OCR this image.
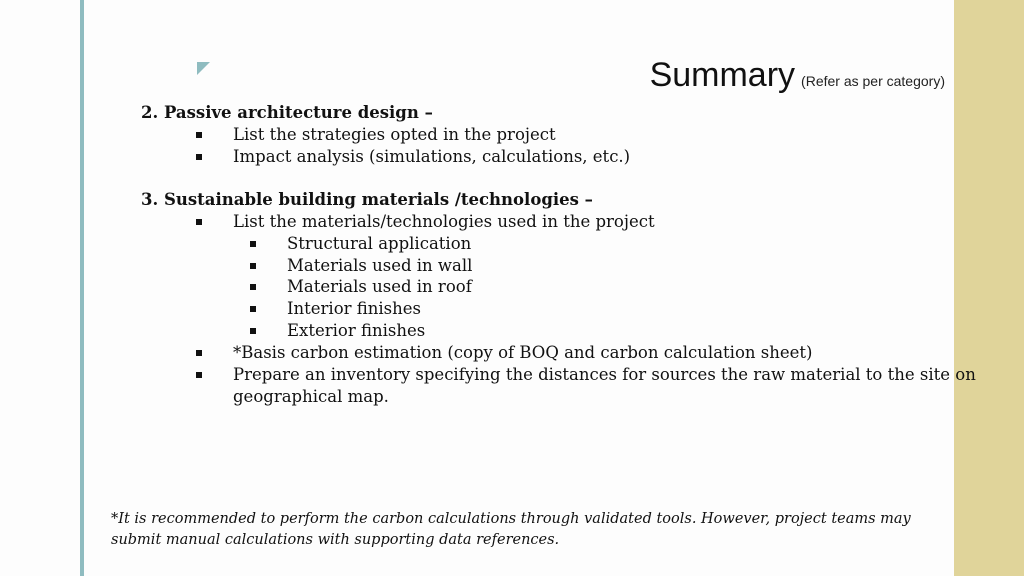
Summary (Refer as per category)
2. Passive architecture design –
List the strategies opted in the project
Impact analysis (simulations, calculations, etc.)
3. Sustainable building materials /technologies –
List the materials/technologies used in the project
Structural application
Materials used in wall
Materials used in roof
Interior finishes
Exterior finishes
*Basis carbon estimation (copy of BOQ and carbon calculation sheet)
Prepare an inventory specifying the distances for sources the raw material to the site on
geographical map.
*It is recommended to perform the carbon calculations through validated tools. However, project teams may
submit manual calculations with supporting data references.
